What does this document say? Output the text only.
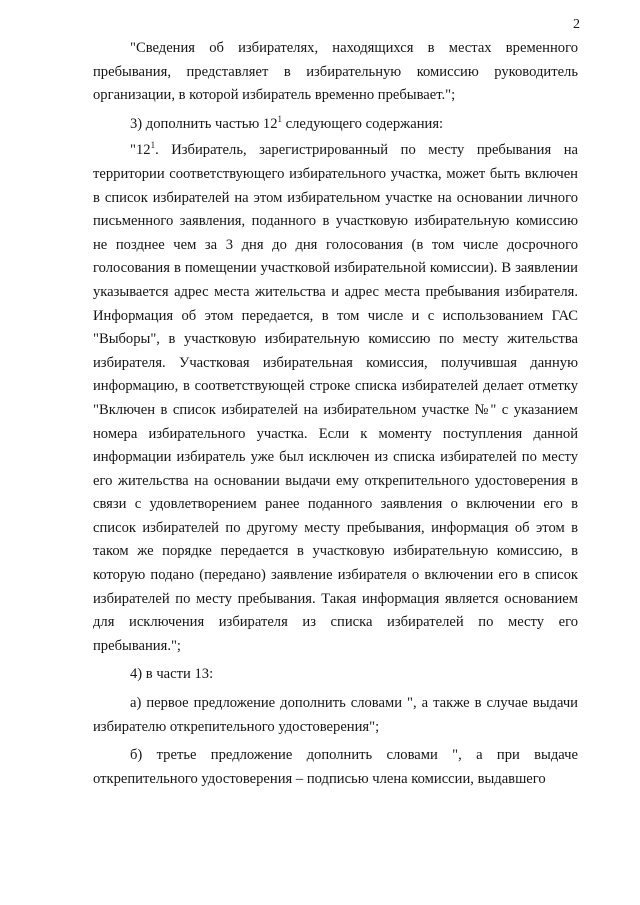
2

"Сведения об избирателях, находящихся в местах временного пребывания, представляет в избирательную комиссию руководитель организации, в которой избиратель временно пребывает.";

3) дополнить частью $12^1$ следующего содержания:

"$12^1$. Избиратель, зарегистрированный по месту пребывания на территории соответствующего избирательного участка, может быть включен в список избирателей на этом избирательном участке на основании личного письменного заявления, поданного в участковую избирательную комиссию не позднее чем за 3 дня до дня голосования (в том числе досрочного голосования в помещении участковой избирательной комиссии). В заявлении указывается адрес места жительства и адрес места пребывания избирателя. Информация об этом передается, в том числе и с использованием ГАС "Выборы", в участковую избирательную комиссию по месту жительства избирателя. Участковая избирательная комиссия, получившая данную информацию, в соответствующей строке списка избирателей делает отметку "Включен в список избирателей на избирательном участке №" с указанием номера избирательного участка. Если к моменту поступления данной информации избиратель уже был исключен из списка избирателей по месту его жительства на основании выдачи ему открепительного удостоверения в связи с удовлетворением ранее поданного заявления о включении его в список избирателей по другому месту пребывания, информация об этом в таком же порядке передается в участковую избирательную комиссию, в которую подано (передано) заявление избирателя о включении его в список избирателей по месту пребывания. Такая информация является основанием для исключения избирателя из списка избирателей по месту его пребывания.";

4) в части 13:

а) первое предложение дополнить словами ", а также в случае выдачи избирателю открепительного удостоверения";

б) третье предложение дополнить словами ", а при выдаче открепительного удостоверения – подписью члена комиссии, выдавшего
